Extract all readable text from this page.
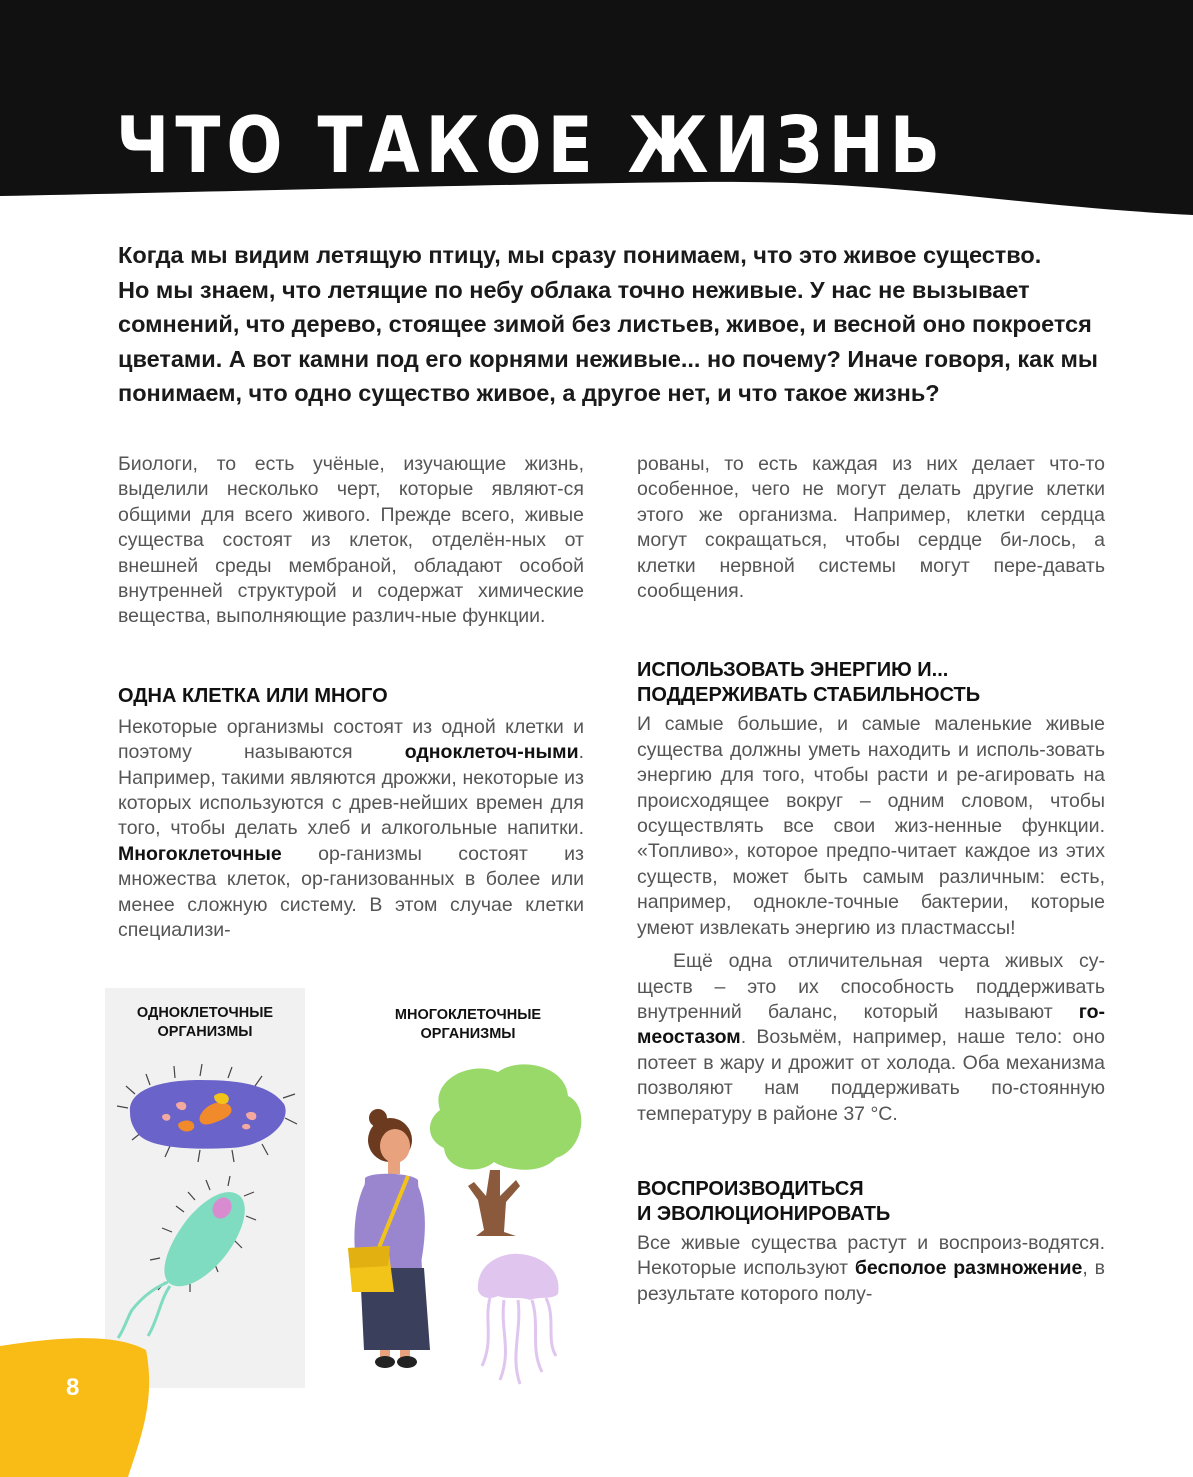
ЧТО ТАКОЕ ЖИЗНЬ
Когда мы видим летящую птицу, мы сразу понимаем, что это живое существо.
Но мы знаем, что летящие по небу облака точно неживые. У нас не вызывает
сомнений, что дерево, стоящее зимой без листьев, живое, и весной оно покроется
цветами. А вот камни под его корнями неживые... но почему? Иначе говоря, как мы
понимаем, что одно существо живое, а другое нет, и что такое жизнь?

Биологи, то есть учёные, изучающие жизнь, выделили несколько черт, которые являют-ся общими для всего живого. Прежде всего, живые существа состоят из клеток, отделён-ных от внешней среды мембраной, обладают особой внутренней структурой и содержат химические вещества, выполняющие различ-ные функции.

ОДНА КЛЕТКА ИЛИ МНОГО

Некоторые организмы состоят из одной клетки и поэтому называются одноклеточ-ными. Например, такими являются дрожжи, некоторые из которых используются с древ-нейших времен для того, чтобы делать хлеб и алкогольные напитки. Многоклеточные ор-ганизмы состоят из множества клеток, ор-ганизованных в более или менее сложную систему. В этом случае клетки специализи-

рованы, то есть каждая из них делает что-то особенное, чего не могут делать другие клетки этого же организма. Например, клетки сердца могут сокращаться, чтобы сердце би-лось, а клетки нервной системы могут пере-давать сообщения.

ИСПОЛЬЗОВАТЬ ЭНЕРГИЮ И...
ПОДДЕРЖИВАТЬ СТАБИЛЬНОСТЬ

И самые большие, и самые маленькие живые существа должны уметь находить и исполь-зовать энергию для того, чтобы расти и ре-агировать на происходящее вокруг – одним словом, чтобы осуществлять все свои жиз-ненные функции. «Топливо», которое предпо-читает каждое из этих существ, может быть самым различным: есть, например, однокле-точные бактерии, которые умеют извлекать энергию из пластмассы!

Ещё одна отличительная черта живых су-ществ – это их способность поддерживать внутренний баланс, который называют го-меостазом. Возьмём, например, наше тело: оно потеет в жару и дрожит от холода. Оба механизма позволяют нам поддерживать по-стоянную температуру в районе 37 °С.

ВОСПРОИЗВОДИТЬСЯ
И ЭВОЛЮЦИОНИРОВАТЬ

Все живые существа растут и воспроиз-водятся. Некоторые используют бесполое размножение, в результате которого полу-

ОДНОКЛЕТОЧНЫЕ
ОРГАНИЗМЫ
МНОГОКЛЕТОЧНЫЕ
ОРГАНИЗМЫ
8
